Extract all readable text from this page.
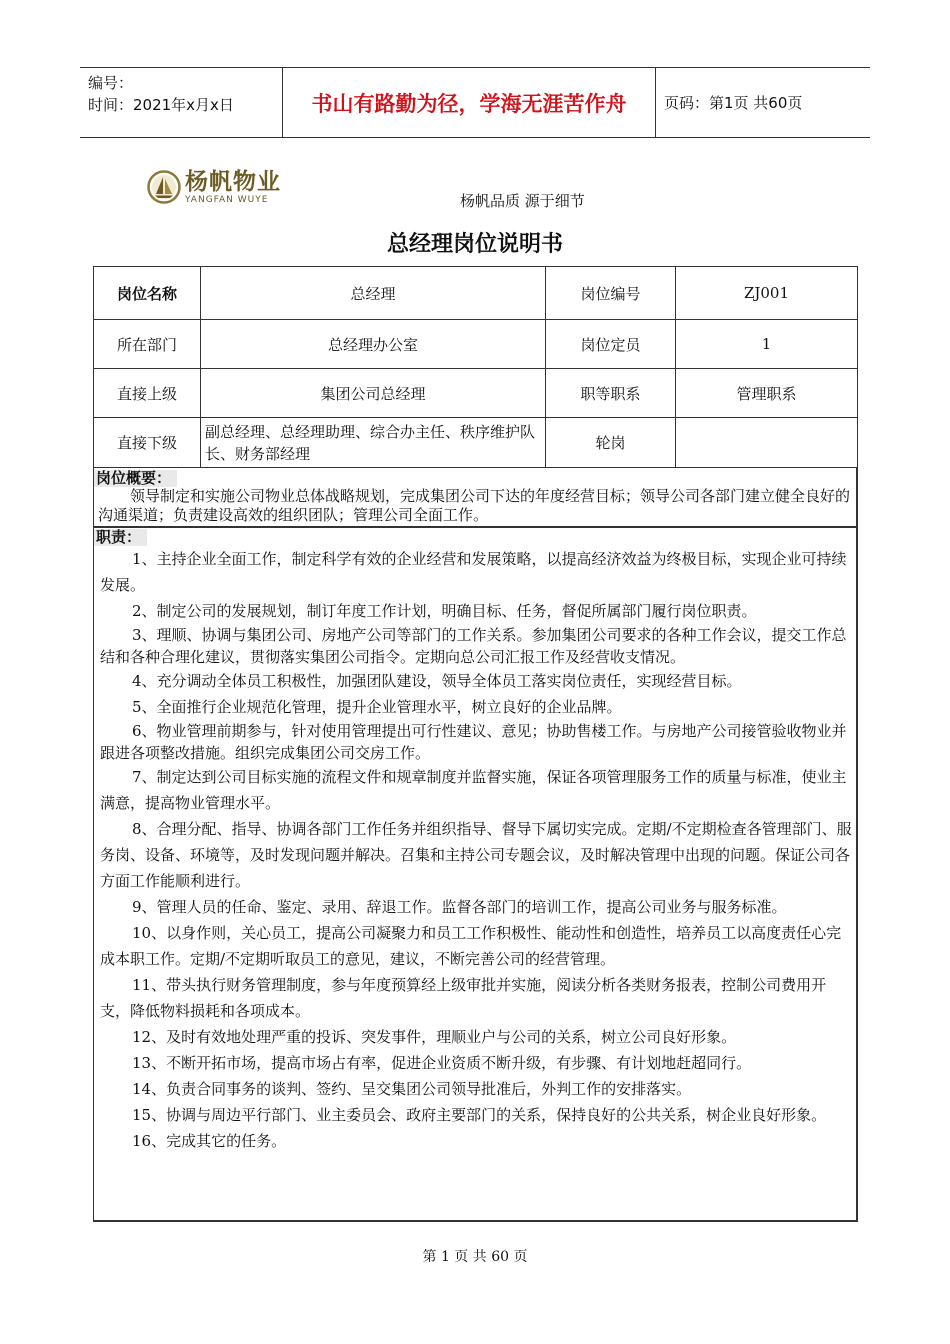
编号：
时间：2021年x月x日	书山有路勤为径，学海无涯苦作舟	页码：第1页 共60页
杨帆物业
YANGFAN WUYE	杨帆品质 源于细节
总经理岗位说明书
岗位名称	总经理	岗位编号	ZJ001
所在部门	总经理办公室	岗位定员	1
直接上级	集团公司总经理	职等职系	管理职系
直接下级	副总经理、总经理助理、综合办主任、秩序维护队长、财务部经理	轮岗	
岗位概要：

领导制定和实施公司物业总体战略规划，完成集团公司下达的年度经营目标；领导公司各部门建立健全良好的沟通渠道；负责建设高效的组织团队；管理公司全面工作。

职责：

1、主持企业全面工作，制定科学有效的企业经营和发展策略，以提高经济效益为终极目标，实现企业可持续发展。

2、制定公司的发展规划，制订年度工作计划，明确目标、任务，督促所属部门履行岗位职责。

3、理顺、协调与集团公司、房地产公司等部门的工作关系。参加集团公司要求的各种工作会议，提交工作总结和各种合理化建议，贯彻落实集团公司指令。定期向总公司汇报工作及经营收支情况。

4、充分调动全体员工积极性，加强团队建设，领导全体员工落实岗位责任，实现经营目标。

5、全面推行企业规范化管理，提升企业管理水平，树立良好的企业品牌。

6、物业管理前期参与，针对使用管理提出可行性建议、意见；协助售楼工作。与房地产公司接管验收物业并跟进各项整改措施。组织完成集团公司交房工作。

7、制定达到公司目标实施的流程文件和规章制度并监督实施，保证各项管理服务工作的质量与标准，使业主满意，提高物业管理水平。

8、合理分配、指导、协调各部门工作任务并组织指导、督导下属切实完成。定期/不定期检查各管理部门、服务岗、设备、环境等，及时发现问题并解决。召集和主持公司专题会议，及时解决管理中出现的问题。保证公司各方面工作能顺利进行。

9、管理人员的任命、鉴定、录用、辞退工作。监督各部门的培训工作，提高公司业务与服务标准。

10、以身作则，关心员工，提高公司凝聚力和员工工作积极性、能动性和创造性，培养员工以高度责任心完成本职工作。定期/不定期听取员工的意见，建议，不断完善公司的经营管理。

11、带头执行财务管理制度，参与年度预算经上级审批并实施，阅读分析各类财务报表，控制公司费用开支，降低物料损耗和各项成本。

12、及时有效地处理严重的投诉、突发事件，理顺业户与公司的关系，树立公司良好形象。

13、不断开拓市场，提高市场占有率，促进企业资质不断升级，有步骤、有计划地赶超同行。

14、负责合同事务的谈判、签约、呈交集团公司领导批准后，外判工作的安排落实。

15、协调与周边平行部门、业主委员会、政府主要部门的关系，保持良好的公共关系，树企业良好形象。

16、完成其它的任务。

第 1 页 共 60 页
